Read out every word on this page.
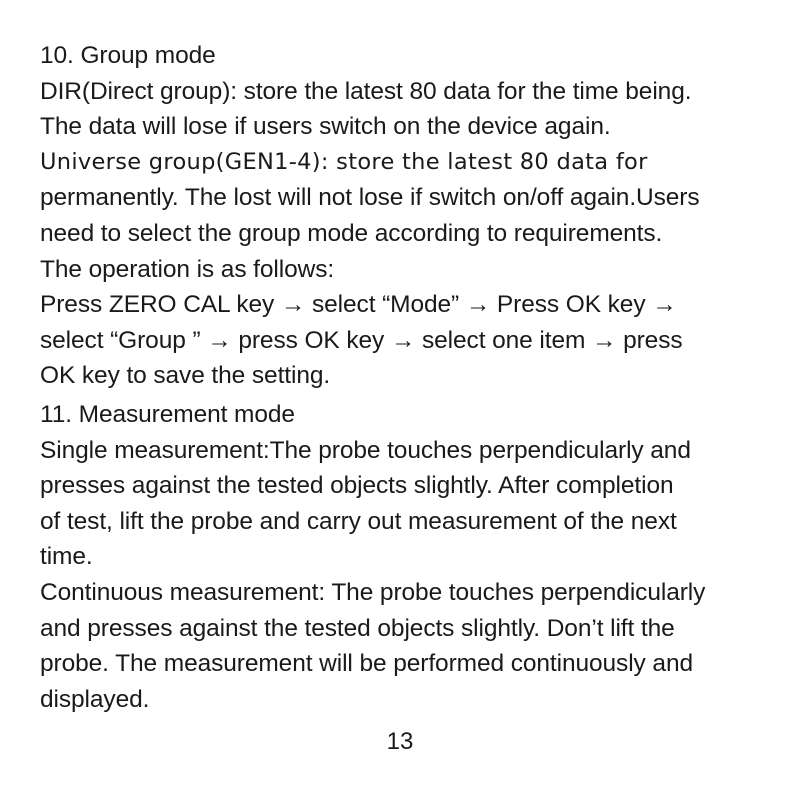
10. Group mode
DIR(Direct group): store the latest 80 data for the time being.
The data will lose if users switch on the device again.
Universe group(GEN1-4): store the latest 80 data for
permanently. The lost will not lose if switch on/off again.Users
need to select the group mode according to requirements.
The operation is as follows:
Press ZERO CAL key → select “Mode” → Press OK key →
select “Group ” → press OK key → select one item → press
OK key to save the setting.
11. Measurement mode
Single measurement:The probe touches perpendicularly and
presses against the tested objects slightly. After completion
of test, lift the probe and carry out measurement of the next
time.
Continuous measurement: The probe touches perpendicularly
and presses against the tested objects slightly. Don’t lift the
probe. The measurement will be performed continuously and
displayed.
13
